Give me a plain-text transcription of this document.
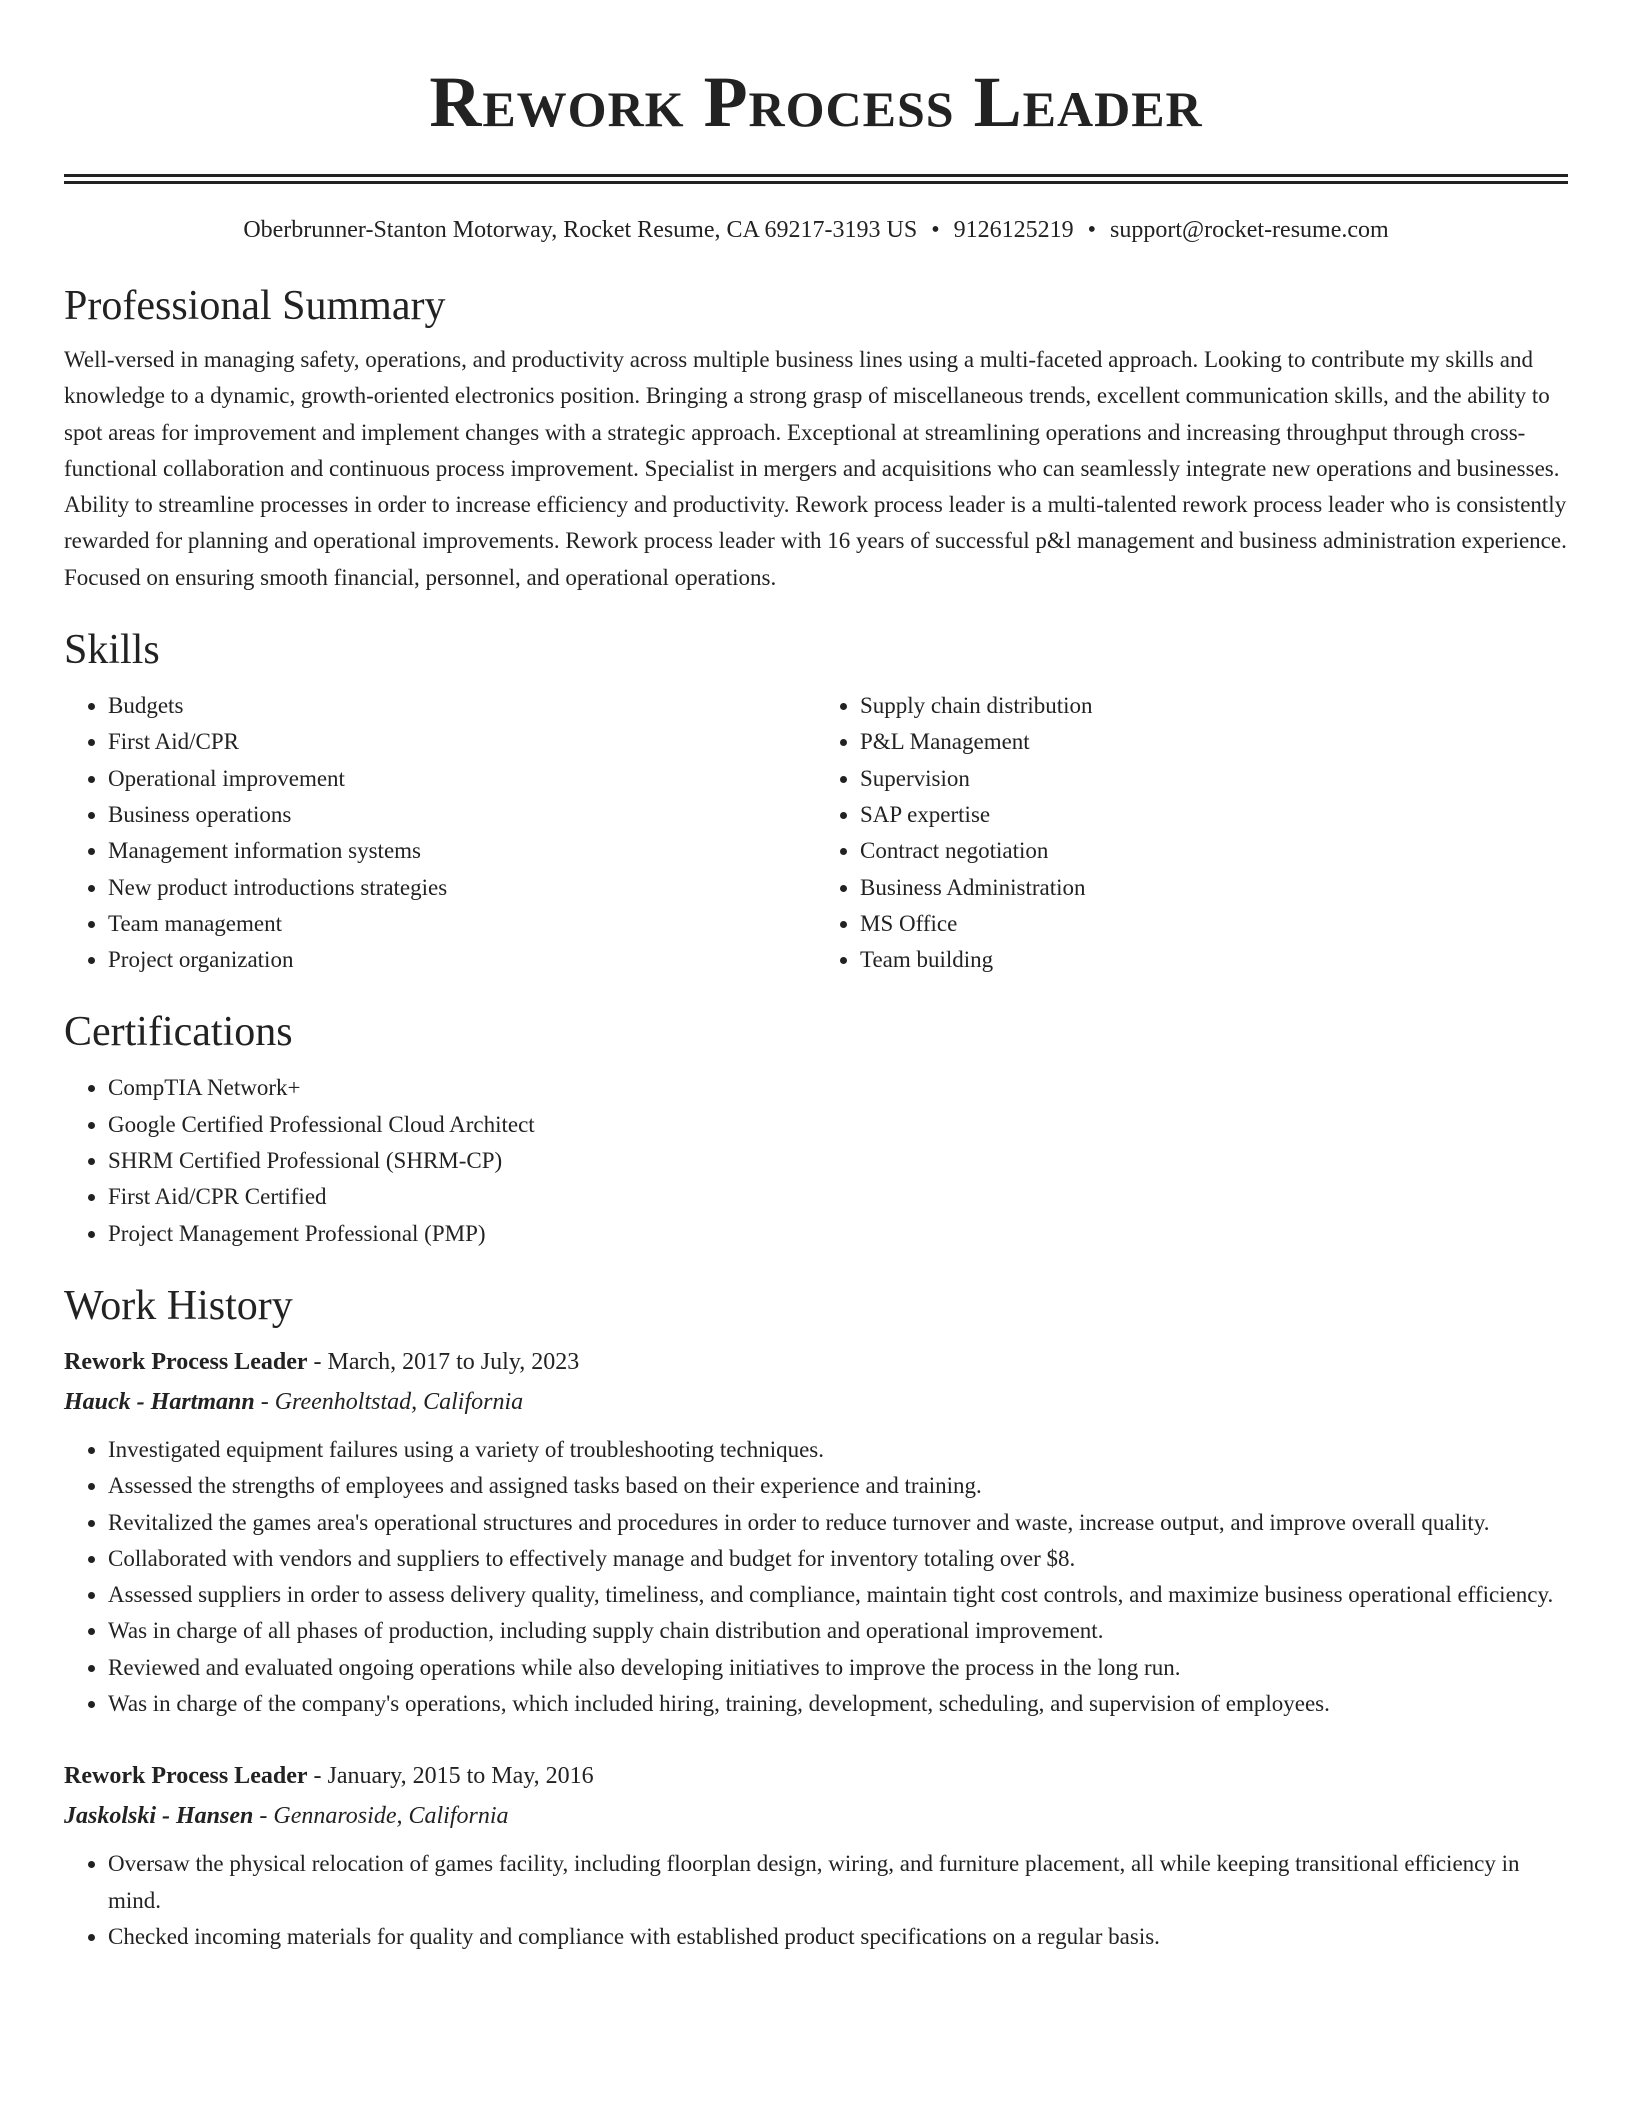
Rework Process Leader
Oberbrunner-Stanton Motorway, Rocket Resume, CA 69217-3193 US • 9126125219 • support@rocket-resume.com
Professional Summary

Well-versed in managing safety, operations, and productivity across multiple business lines using a multi-faceted approach. Looking to contribute my skills and knowledge to a dynamic, growth-oriented electronics position. Bringing a strong grasp of miscellaneous trends, excellent communication skills, and the ability to spot areas for improvement and implement changes with a strategic approach. Exceptional at streamlining operations and increasing throughput through cross-functional collaboration and continuous process improvement. Specialist in mergers and acquisitions who can seamlessly integrate new operations and businesses. Ability to streamline processes in order to increase efficiency and productivity. Rework process leader is a multi-talented rework process leader who is consistently rewarded for planning and operational improvements. Rework process leader with 16 years of successful p&l management and business administration experience. Focused on ensuring smooth financial, personnel, and operational operations.

Skills
• Budgets
• First Aid/CPR
• Operational improvement
• Business operations
• Management information systems
• New product introductions strategies
• Team management
• Project organization
• Supply chain distribution
• P&L Management
• Supervision
• SAP expertise
• Contract negotiation
• Business Administration
• MS Office
• Team building
Certifications
• CompTIA Network+
• Google Certified Professional Cloud Architect
• SHRM Certified Professional (SHRM-CP)
• First Aid/CPR Certified
• Project Management Professional (PMP)
Work History
Rework Process Leader - March, 2017 to July, 2023
Hauck - Hartmann - Greenholtstad, California
• Investigated equipment failures using a variety of troubleshooting techniques.
• Assessed the strengths of employees and assigned tasks based on their experience and training.
• Revitalized the games area's operational structures and procedures in order to reduce turnover and waste, increase output, and improve overall quality.
• Collaborated with vendors and suppliers to effectively manage and budget for inventory totaling over $8.
• Assessed suppliers in order to assess delivery quality, timeliness, and compliance, maintain tight cost controls, and maximize business operational efficiency.
• Was in charge of all phases of production, including supply chain distribution and operational improvement.
• Reviewed and evaluated ongoing operations while also developing initiatives to improve the process in the long run.
• Was in charge of the company's operations, which included hiring, training, development, scheduling, and supervision of employees.
Rework Process Leader - January, 2015 to May, 2016
Jaskolski - Hansen - Gennaroside, California
• Oversaw the physical relocation of games facility, including floorplan design, wiring, and furniture placement, all while keeping transitional efficiency in mind.
• Checked incoming materials for quality and compliance with established product specifications on a regular basis.
